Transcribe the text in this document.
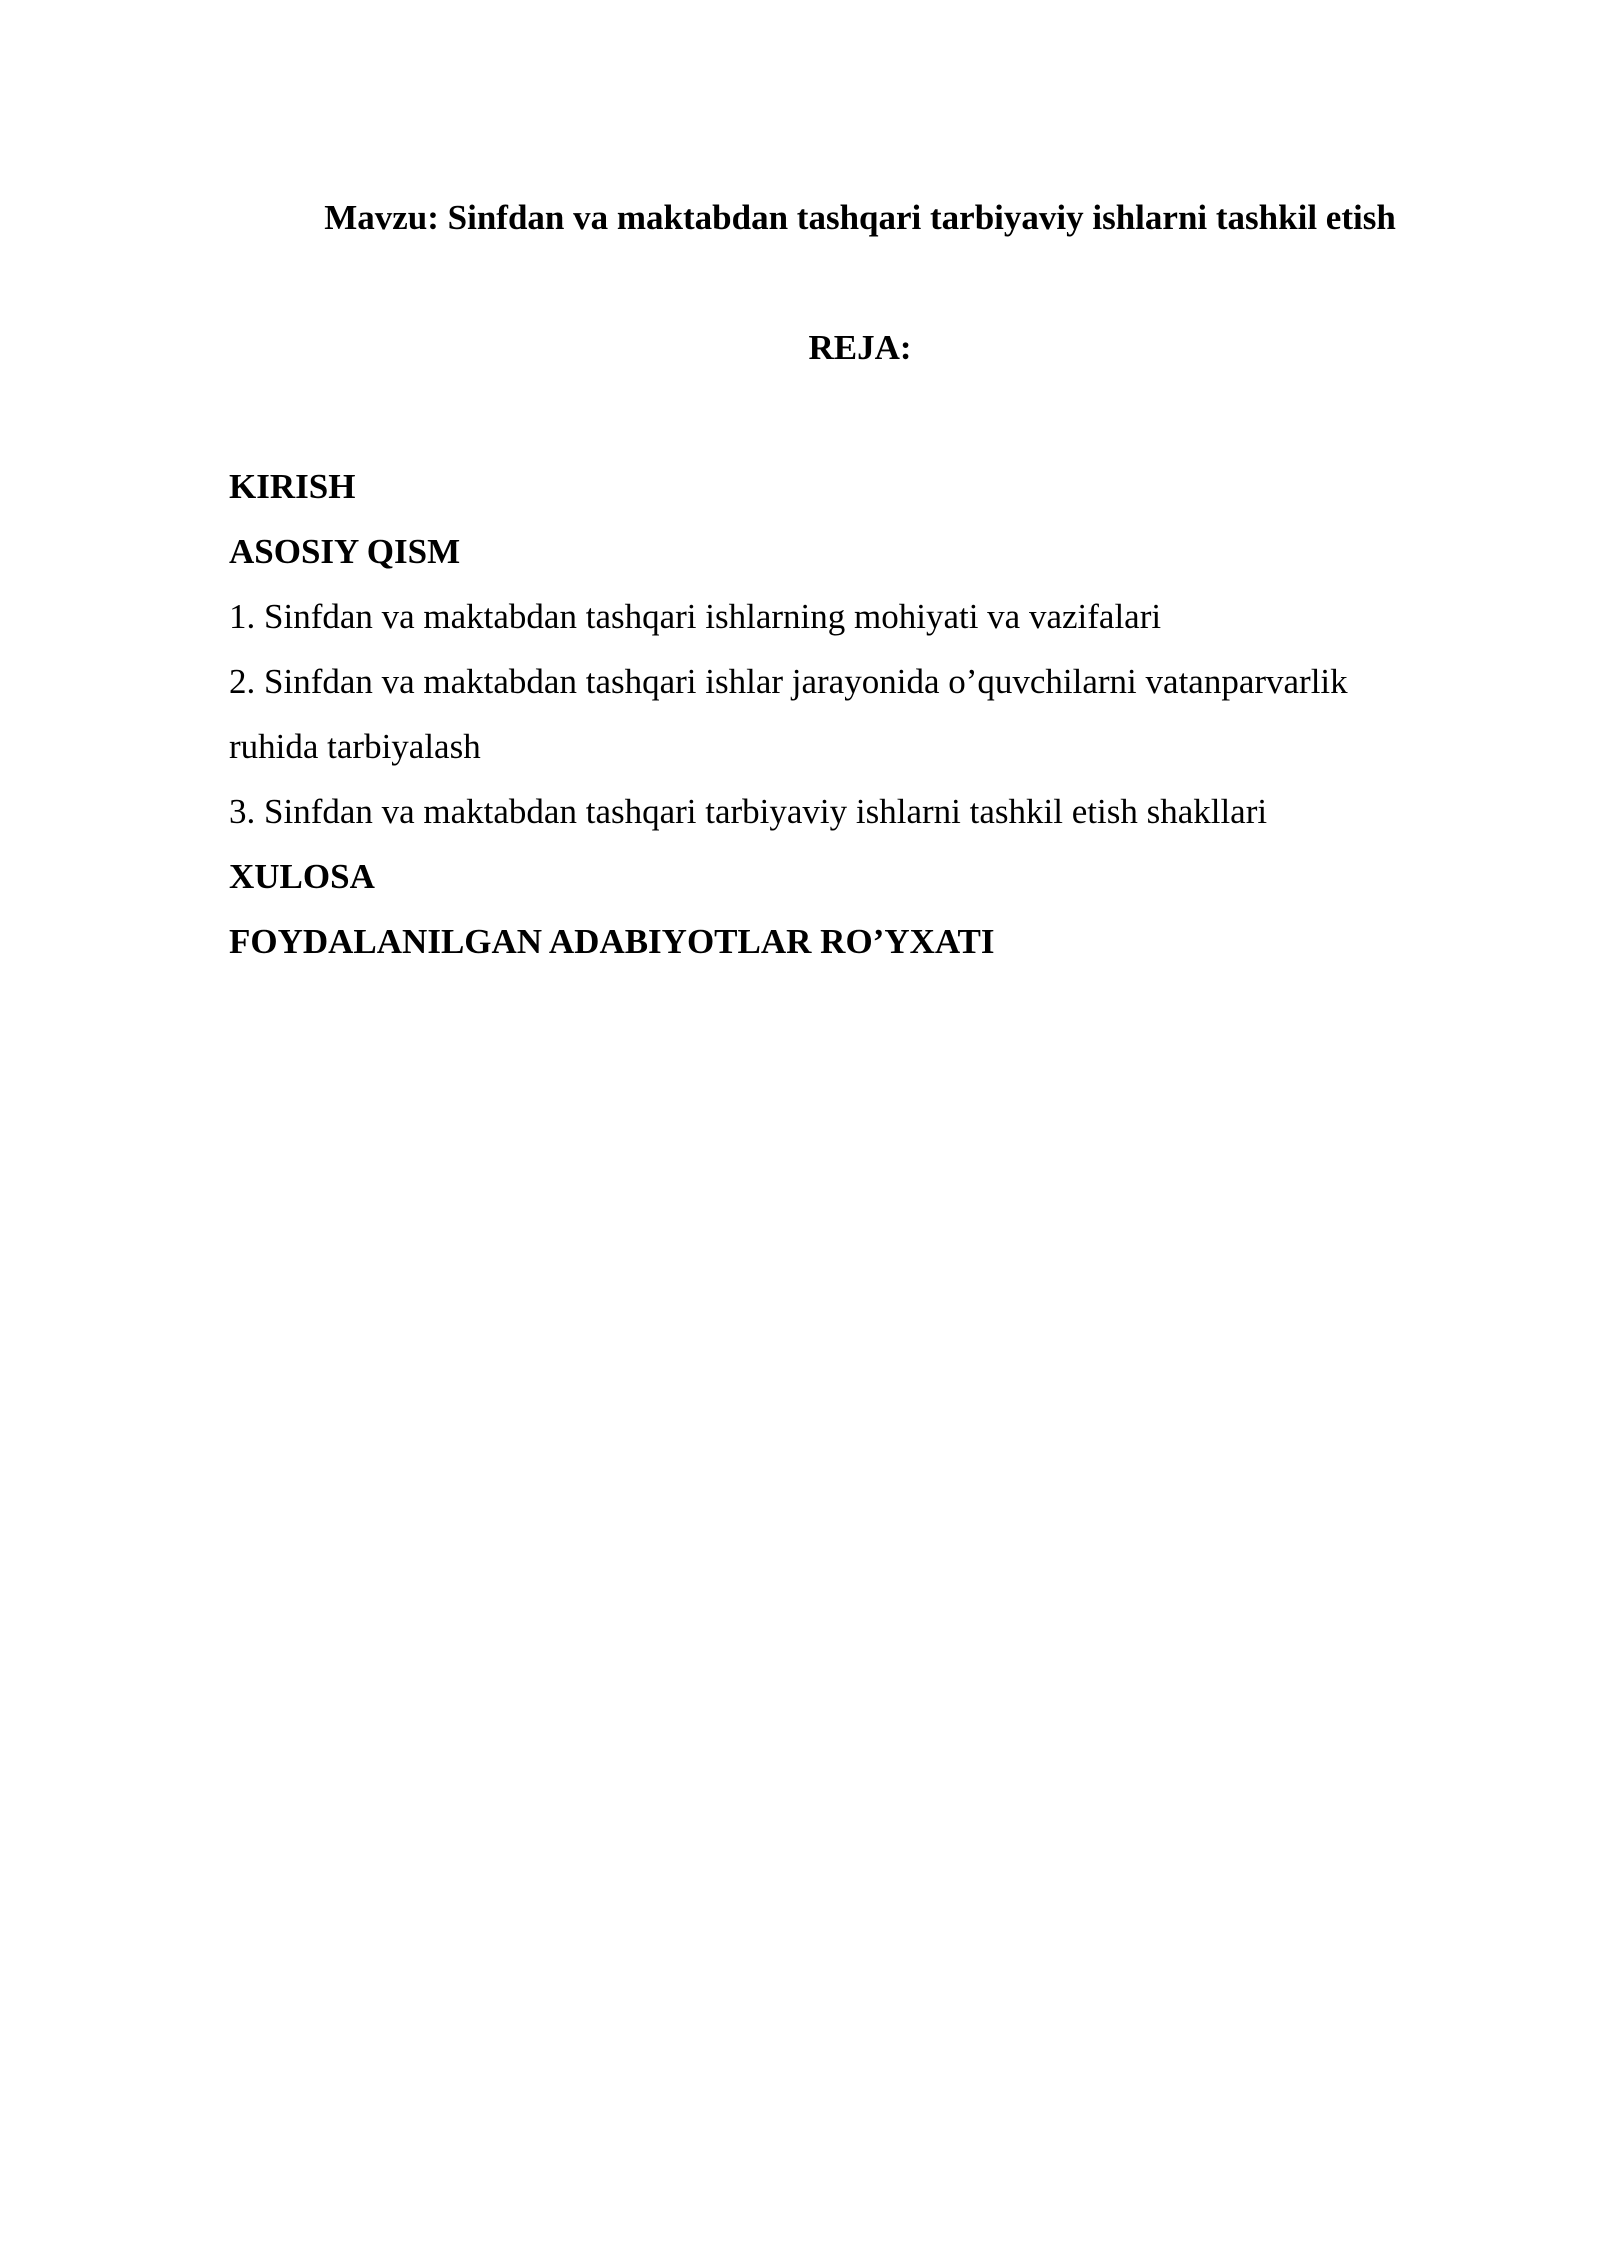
Mavzu: Sinfdan va maktabdan tashqari tarbiyaviy ishlarni tashkil etish
REJA:

KIRISH

ASOSIY QISM

1. Sinfdan va maktabdan tashqari ishlarning mohiyati va vazifalari

2. Sinfdan va maktabdan tashqari ishlar jarayonida o’quvchilarni vatanparvarlik

ruhida tarbiyalash

3. Sinfdan va maktabdan tashqari tarbiyaviy ishlarni tashkil etish shakllari

XULOSA

FOYDALANILGAN ADABIYOTLAR RO’YXATI
